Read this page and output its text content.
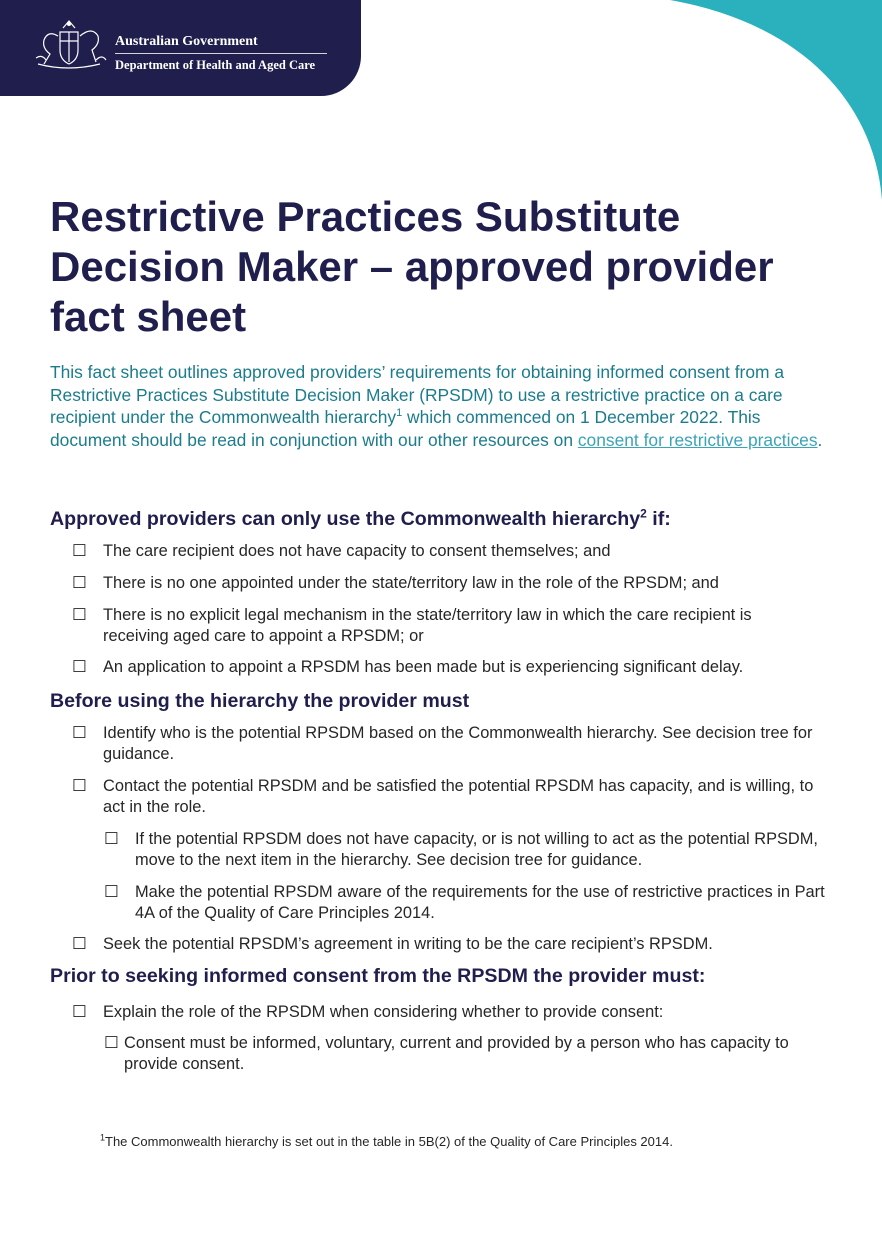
Australian Government
Department of Health and Aged Care
Restrictive Practices Substitute Decision Maker – approved provider fact sheet

This fact sheet outlines approved providers’ requirements for obtaining informed consent from a Restrictive Practices Substitute Decision Maker (RPSDM) to use a restrictive practice on a care recipient under the Commonwealth hierarchy$^1$ which commenced on 1 December 2022. This document should be read in conjunction with our other resources on consent for restrictive practices.

Approved providers can only use the Commonwealth hierarchy$^2$ if:
☐ The care recipient does not have capacity to consent themselves; and
☐ There is no one appointed under the state/territory law in the role of the RPSDM; and
☐ There is no explicit legal mechanism in the state/territory law in which the care recipient is receiving aged care to appoint a RPSDM; or
☐ An application to appoint a RPSDM has been made but is experiencing significant delay.
Before using the hierarchy the provider must
☐ Identify who is the potential RPSDM based on the Commonwealth hierarchy. See decision tree for guidance.
☐ Contact the potential RPSDM and be satisfied the potential RPSDM has capacity, and is willing, to act in the role.
☐ If the potential RPSDM does not have capacity, or is not willing to act as the potential RPSDM, move to the next item in the hierarchy. See decision tree for guidance.
☐ Make the potential RPSDM aware of the requirements for the use of restrictive practices in Part 4A of the Quality of Care Principles 2014.
☐ Seek the potential RPSDM’s agreement in writing to be the care recipient’s RPSDM.
Prior to seeking informed consent from the RPSDM the provider must:
☐ Explain the role of the RPSDM when considering whether to provide consent:
☐ Consent must be informed, voluntary, current and provided by a person who has capacity to provide consent.
$^1$The Commonwealth hierarchy is set out in the table in 5B(2) of the Quality of Care Principles 2014.
